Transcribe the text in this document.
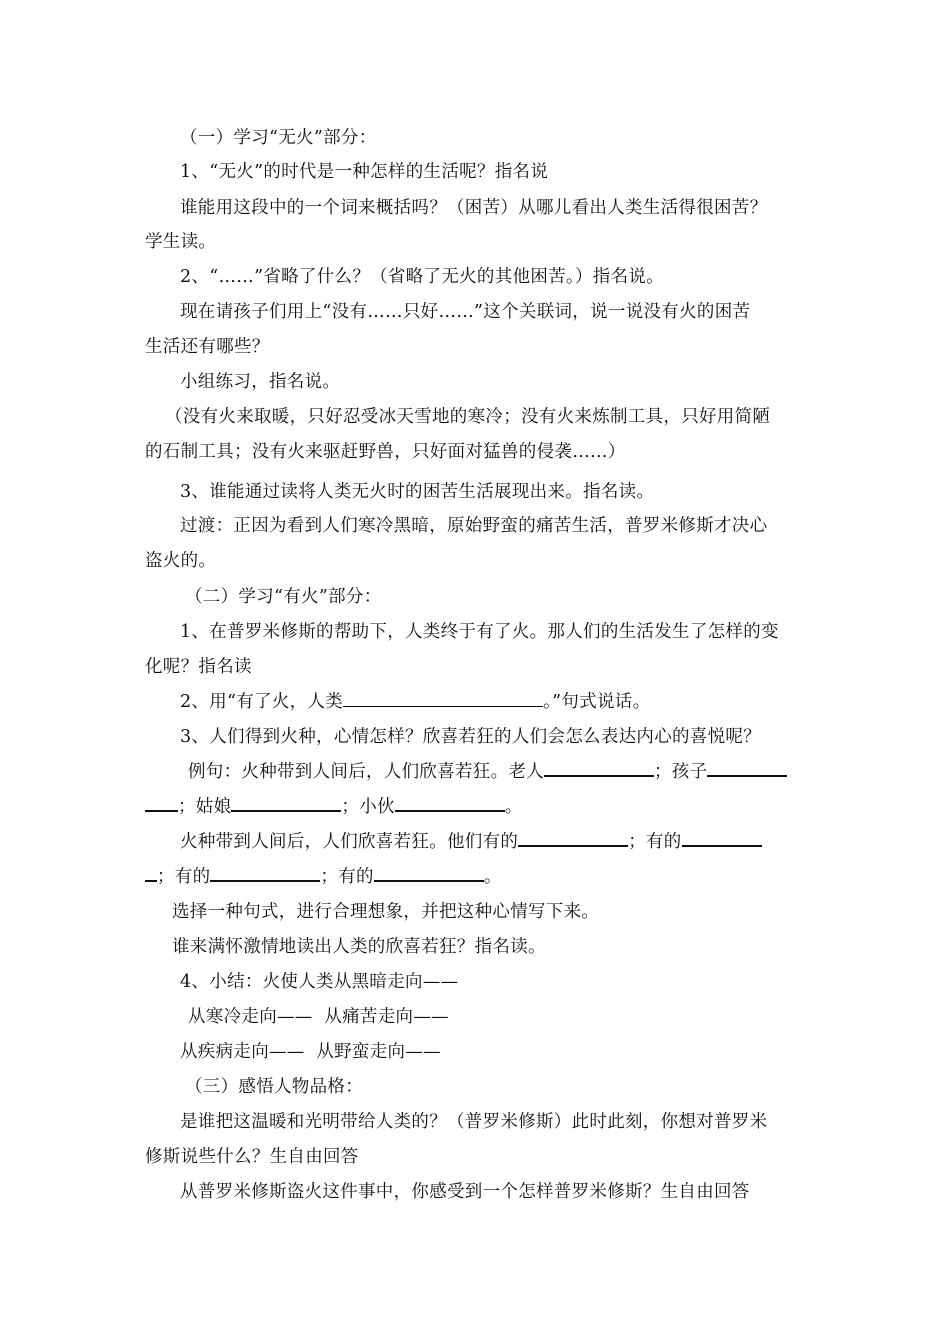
（一）学习“无火”部分：
1、“无火”的时代是一种怎样的生活呢？指名说
谁能用这段中的一个词来概括吗？（困苦）从哪儿看出人类生活得很困苦？
学生读。
2、“……”省略了什么？（省略了无火的其他困苦。）指名说。
现在请孩子们用上“没有……只好……”这个关联词，说一说没有火的困苦
生活还有哪些？
小组练习，指名说。
（没有火来取暖，只好忍受冰天雪地的寒冷；没有火来炼制工具，只好用简陋
的石制工具；没有火来驱赶野兽，只好面对猛兽的侵袭……）
3、谁能通过读将人类无火时的困苦生活展现出来。指名读。
过渡：正因为看到人们寒冷黑暗，原始野蛮的痛苦生活，普罗米修斯才决心
盗火的。
（二）学习“有火”部分：
1、在普罗米修斯的帮助下，人类终于有了火。那人们的生活发生了怎样的变
化呢？指名读
2、用“有了火，人类	。”句式说话。
3、人们得到火种，心情怎样？欣喜若狂的人们会怎么表达内心的喜悦呢？
例句：火种带到人间后，人们欣喜若狂。老人	；孩子
；姑娘	；小伙	。
火种带到人间后，人们欣喜若狂。他们有的	；有的
；有的	；有的	。
选择一种句式，进行合理想象，并把这种心情写下来。
谁来满怀激情地读出人类的欣喜若狂？指名读。
4、小结：火使人类从黑暗走向——
从寒冷走向——  从痛苦走向——
从疾病走向——  从野蛮走向——
（三）感悟人物品格：
是谁把这温暖和光明带给人类的？（普罗米修斯）此时此刻，你想对普罗米
修斯说些什么？生自由回答
从普罗米修斯盗火这件事中，你感受到一个怎样普罗米修斯？生自由回答
